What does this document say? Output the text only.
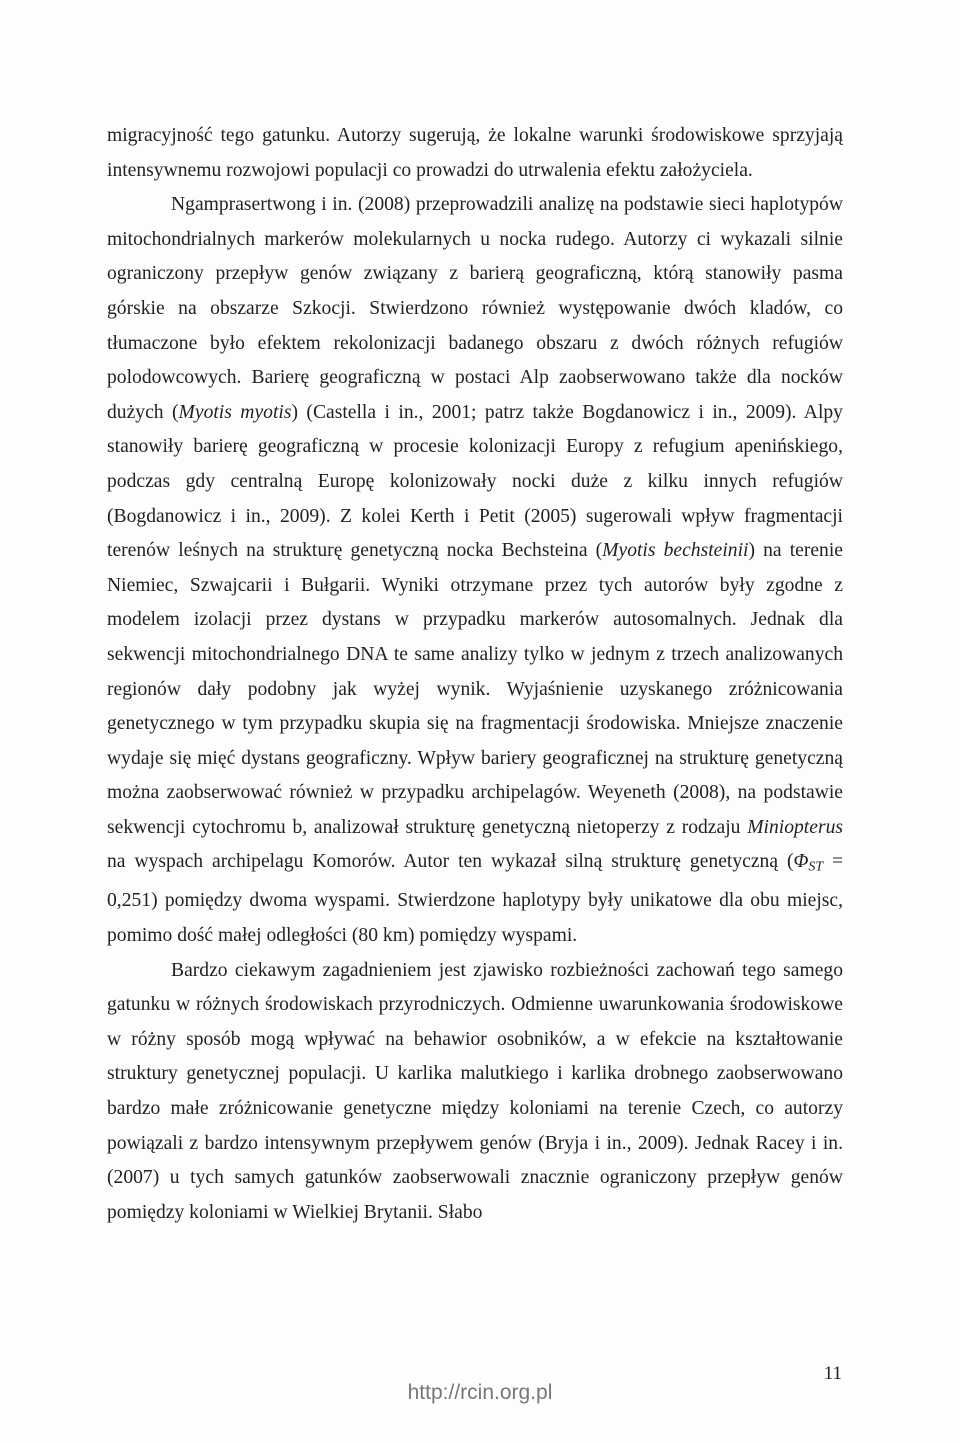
migracyjność tego gatunku. Autorzy sugerują, że lokalne warunki środowiskowe sprzyjają intensywnemu rozwojowi populacji co prowadzi do utrwalenia efektu założyciela.

Ngamprasertwong i in. (2008) przeprowadzili analizę na podstawie sieci haplotypów mitochondrialnych markerów molekularnych u nocka rudego. Autorzy ci wykazali silnie ograniczony przepływ genów związany z barierą geograficzną, którą stanowiły pasma górskie na obszarze Szkocji. Stwierdzono również występowanie dwóch kladów, co tłumaczone było efektem rekolonizacji badanego obszaru z dwóch różnych refugiów polodowcowych. Barierę geograficzną w postaci Alp zaobserwowano także dla nocków dużych (Myotis myotis) (Castella i in., 2001; patrz także Bogdanowicz i in., 2009). Alpy stanowiły barierę geograficzną w procesie kolonizacji Europy z refugium apenińskiego, podczas gdy centralną Europę kolonizowały nocki duże z kilku innych refugiów (Bogdanowicz i in., 2009). Z kolei Kerth i Petit (2005) sugerowali wpływ fragmentacji terenów leśnych na strukturę genetyczną nocka Bechsteina (Myotis bechsteinii) na terenie Niemiec, Szwajcarii i Bułgarii. Wyniki otrzymane przez tych autorów były zgodne z modelem izolacji przez dystans w przypadku markerów autosomalnych. Jednak dla sekwencji mitochondrialnego DNA te same analizy tylko w jednym z trzech analizowanych regionów dały podobny jak wyżej wynik. Wyjaśnienie uzyskanego zróżnicowania genetycznego w tym przypadku skupia się na fragmentacji środowiska. Mniejsze znaczenie wydaje się mięć dystans geograficzny. Wpływ bariery geograficznej na strukturę genetyczną można zaobserwować również w przypadku archipelagów. Weyeneth (2008), na podstawie sekwencji cytochromu b, analizował strukturę genetyczną nietoperzy z rodzaju Miniopterus na wyspach archipelagu Komorów. Autor ten wykazał silną strukturę genetyczną $(\Phi_{ST} = 0,251)$ pomiędzy dwoma wyspami. Stwierdzone haplotypy były unikatowe dla obu miejsc, pomimo dość małej odległości (80 km) pomiędzy wyspami.

Bardzo ciekawym zagadnieniem jest zjawisko rozbieżności zachowań tego samego gatunku w różnych środowiskach przyrodniczych. Odmienne uwarunkowania środowiskowe w różny sposób mogą wpływać na behawior osobników, a w efekcie na kształtowanie struktury genetycznej populacji. U karlika malutkiego i karlika drobnego zaobserwowano bardzo małe zróżnicowanie genetyczne między koloniami na terenie Czech, co autorzy powiązali z bardzo intensywnym przepływem genów (Bryja i in., 2009). Jednak Racey i in. (2007) u tych samych gatunków zaobserwowali znacznie ograniczony przepływ genów pomiędzy koloniami w Wielkiej Brytanii. Słabo

11
http://rcin.org.pl
